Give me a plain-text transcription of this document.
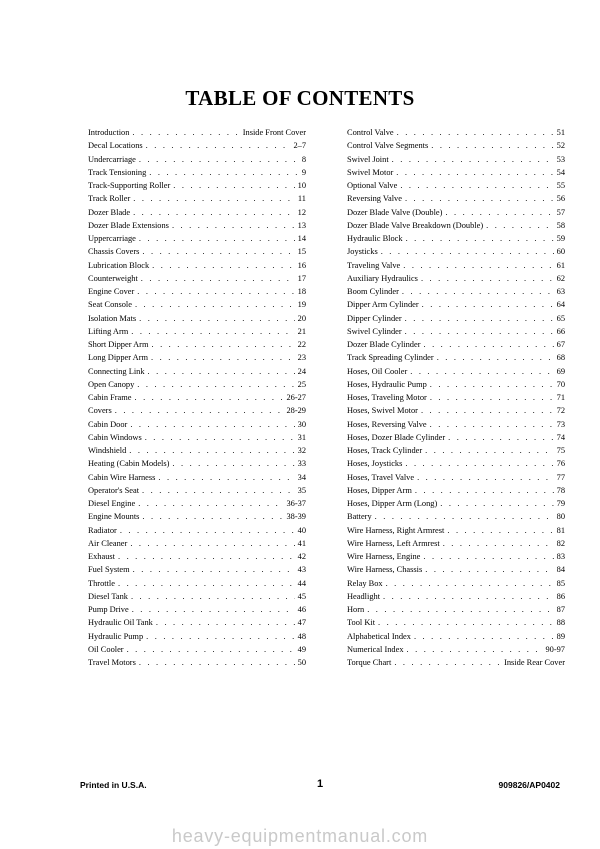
TABLE OF CONTENTS
Introduction . . .	Inside Front Cover
Decal Locations . . .	2–7
Undercarriage . . .	8
Track Tensioning . . .	9
Track-Supporting Roller . . .	10
Track Roller . . .	11
Dozer Blade . . .	12
Dozer Blade Extensions . . .	13
Uppercarriage . . .	14
Chassis Covers . . .	15
Lubrication Block . . .	16
Counterweight . . .	17
Engine Cover . . .	18
Seat Console . . .	19
Isolation Mats . . .	20
Lifting Arm . . .	21
Short Dipper Arm . . .	22
Long Dipper Arm . . .	23
Connecting Link . . .	24
Open Canopy . . .	25
Cabin Frame . . .	26-27
Covers . . .	28-29
Cabin Door . . .	30
Cabin Windows . . .	31
Windshield . . .	32
Heating (Cabin Models) . . .	33
Cabin Wire Harness . . .	34
Operator's Seat . . .	35
Diesel Engine . . .	36-37
Engine Mounts . . .	38-39
Radiator . . .	40
Air Cleaner . . .	41
Exhaust . . .	42
Fuel System . . .	43
Throttle . . .	44
Diesel Tank . . .	45
Pump Drive . . .	46
Hydraulic Oil Tank . . .	47
Hydraulic Pump . . .	48
Oil Cooler . . .	49
Travel Motors . . .	50
Control Valve . . .	51
Control Valve Segments . . .	52
Swivel Joint . . .	53
Swivel Motor . . .	54
Optional Valve . . .	55
Reversing Valve . . .	56
Dozer Blade Valve (Double) . . .	57
Dozer Blade Valve Breakdown (Double) . . .	58
Hydraulic Block . . .	59
Joysticks . . .	60
Traveling Valve . . .	61
Auxiliary Hydraulics . . .	62
Boom Cylinder . . .	63
Dipper Arm Cylinder . . .	64
Dipper Cylinder . . .	65
Swivel Cylinder . . .	66
Dozer Blade Cylinder . . .	67
Track Spreading Cylinder . . .	68
Hoses, Oil Cooler . . .	69
Hoses, Hydraulic Pump . . .	70
Hoses, Traveling Motor . . .	71
Hoses, Swivel Motor . . .	72
Hoses, Reversing Valve . . .	73
Hoses, Dozer Blade Cylinder . . .	74
Hoses, Track Cylinder . . .	75
Hoses, Joysticks . . .	76
Hoses, Travel Valve . . .	77
Hoses, Dipper Arm . . .	78
Hoses, Dipper Arm (Long) . . .	79
Battery . . .	80
Wire Harness, Right Armrest . . .	81
Wire Harness, Left Armrest . . .	82
Wire Harness, Engine . . .	83
Wire Harness, Chassis . . .	84
Relay Box . . .	85
Headlight . . .	86
Horn . . .	87
Tool Kit . . .	88
Alphabetical Index . . .	89
Numerical Index . . .	90-97
Torque Chart . . .	Inside Rear Cover
Printed in U.S.A.	1	909826/AP0402
heavy-equipmentmanual.com
